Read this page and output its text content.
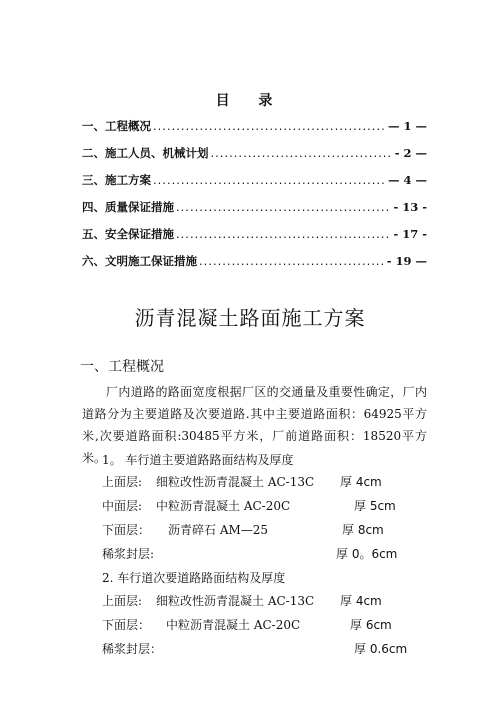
目 录
一、工程概况 .....	— 1 —
二、施工人员、机械计划 .....	- 2 —
三、施工方案 .....	— 4 —
四、质量保证措施 .....	- 13 -
五、安全保证措施 .....	- 17 -
六、文明施工保证措施 .....	- 19 —
沥青混凝土路面施工方案
一、工程概况

厂内道路的路面宽度根据厂区的交通量及重要性确定，厂内道路分为主要道路及次要道路.其中主要道路面积：64925平方米,次要道路面积:30485平方米，厂前道路面积：18520平方米。

1。 车行道主要道路路面结构及厚度
上面层: 细粒改性沥青混凝土 AC-13C 厚 4cm
中面层: 中粒沥青混凝土 AC-20C	厚 5cm
下面层： 沥青碎石 AM—25	厚 8cm
稀浆封层:	厚 0。6cm
2. 车行道次要道路路面结构及厚度
上面层: 细粒改性沥青混凝土 AC-13C 厚 4cm
下面层： 中粒沥青混凝土 AC-20C	厚 6cm
稀浆封层：	厚 0.6cm
